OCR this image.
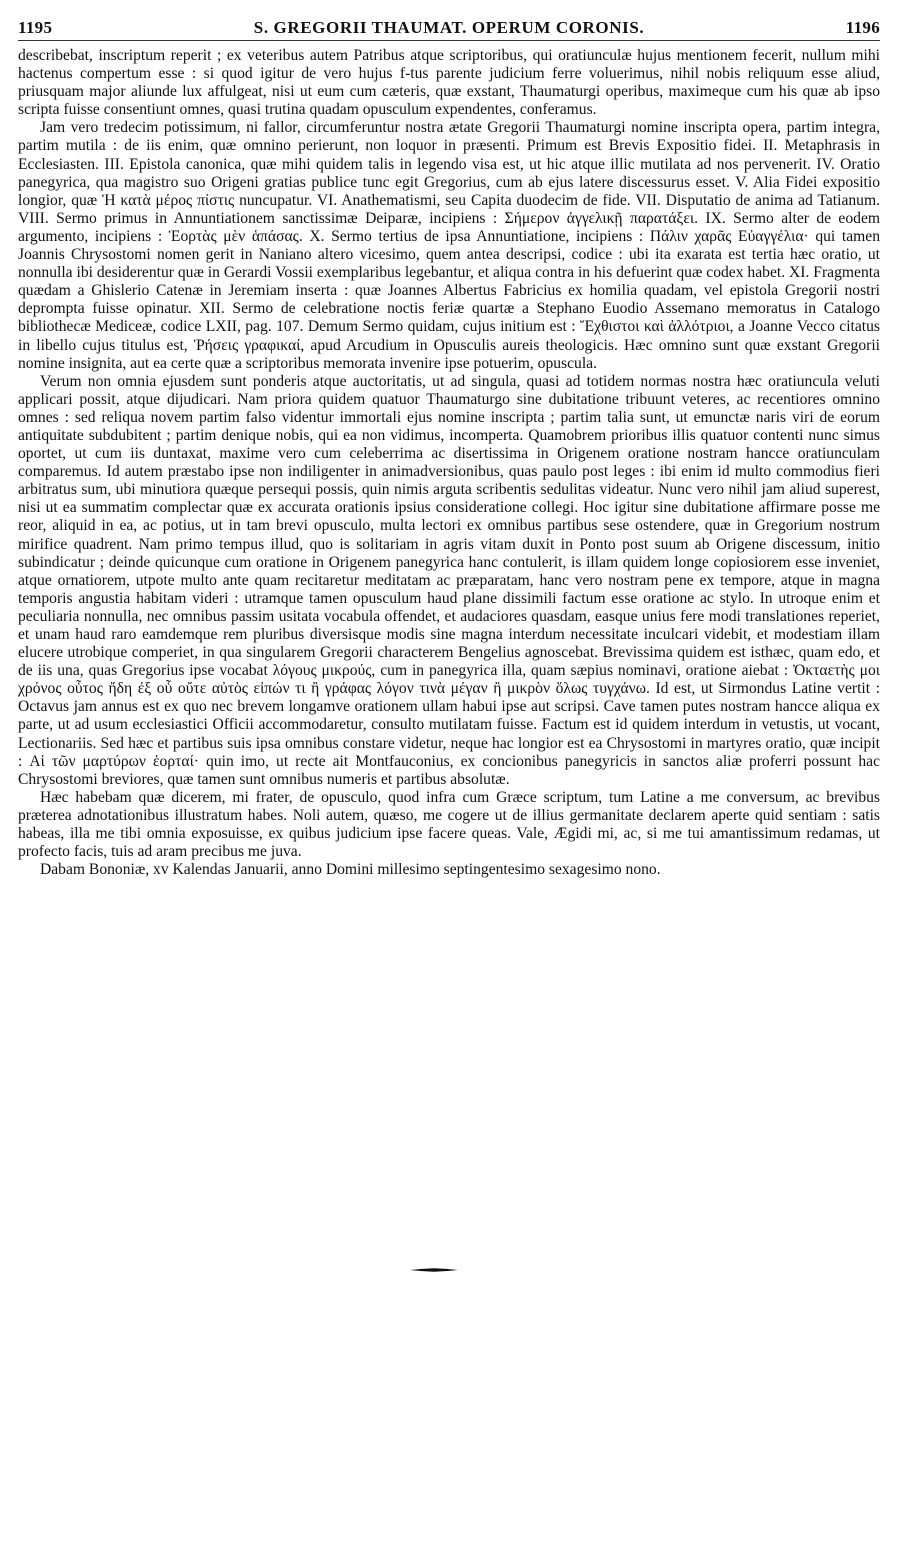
1195	S. GREGORII THAUMAT. OPERUM CORONIS.	1196

describebat, inscriptum reperit ; ex veteribus autem Patribus atque scriptoribus, qui oratiunculæ hujus mentionem fecerit, nullum mihi hactenus compertum esse : si quod igitur de vero hujus f-tus parente judicium ferre voluerimus, nihil nobis reliquum esse aliud, priusquam major aliunde lux affulgeat, nisi ut eum cum cæteris, quæ exstant, Thaumaturgi operibus, maximeque cum his quæ ab ipso scripta fuisse consentiunt omnes, quasi trutina quadam opusculum expendentes, conferamus.

Jam vero tredecim potissimum, ni fallor, circumferuntur nostra ætate Gregorii Thaumaturgi nomine inscripta opera, partim integra, partim mutila : de iis enim, quæ omnino perierunt, non loquor in præsenti. Primum est Brevis Expositio fidei. II. Metaphrasis in Ecclesiasten. III. Epistola canonica, quæ mihi quidem talis in legendo visa est, ut hic atque illic mutilata ad nos pervenerit. IV. Oratio panegyrica, qua magistro suo Origeni gratias publice tunc egit Gregorius, cum ab ejus latere discessurus esset. V. Alia Fidei expositio longior, quæ Ἡ κατὰ μέρος πίστις nuncupatur. VI. Anathematismi, seu Capita duodecim de fide. VII. Disputatio de anima ad Tatianum. VIII. Sermo primus in Annuntiationem sanctissimæ Deiparæ, incipiens : Σήμερον ἀγγελικῇ παρατάξει. IX. Sermo alter de eodem argumento, incipiens : Ἑορτὰς μὲν ἁπάσας. X. Sermo tertius de ipsa Annuntiatione, incipiens : Πάλιν χαρᾶς Εὐαγγέλια· qui tamen Joannis Chrysostomi nomen gerit in Naniano altero vicesimo, quem antea descripsi, codice : ubi ita exarata est tertia hæc oratio, ut nonnulla ibi desiderentur quæ in Gerardi Vossii exemplaribus legebantur, et aliqua contra in his defuerint quæ codex habet. XI. Fragmenta quædam a Ghislerio Catenæ in Jeremiam inserta : quæ Joannes Albertus Fabricius ex homilia quadam, vel epistola Gregorii nostri deprompta fuisse opinatur. XII. Sermo de celebratione noctis feriæ quartæ a Stephano Euodio Assemano memoratus in Catalogo bibliothecæ Mediceæ, codice LXII, pag. 107. Demum Sermo quidam, cujus initium est : Ἔχθιστοι καὶ ἀλλότριοι, a Joanne Vecco citatus in libello cujus titulus est, Ῥήσεις γραφικαί, apud Arcudium in Opusculis aureis theologicis. Hæc omnino sunt quæ exstant Gregorii nomine insignita, aut ea certe quæ a scriptoribus memorata invenire ipse potuerim, opuscula.

Verum non omnia ejusdem sunt ponderis atque auctoritatis, ut ad singula, quasi ad totidem normas nostra hæc oratiuncula veluti applicari possit, atque dijudicari. Nam priora quidem quatuor Thaumaturgo sine dubitatione tribuunt veteres, ac recentiores omnino omnes : sed reliqua novem partim falso videntur immortali ejus nomine inscripta ; partim talia sunt, ut emunctæ naris viri de eorum antiquitate subdubitent ; partim denique nobis, qui ea non vidimus, incomperta. Quamobrem prioribus illis quatuor contenti nunc simus oportet, ut cum iis duntaxat, maxime vero cum celeberrima ac disertissima in Origenem oratione nostram hancce oratiunculam comparemus. Id autem præstabo ipse non indiligenter in animadversionibus, quas paulo post leges : ibi enim id multo commodius fieri arbitratus sum, ubi minutiora quæque persequi possis, quin nimis arguta scribentis sedulitas videatur. Nunc vero nihil jam aliud superest, nisi ut ea summatim complectar quæ ex accurata orationis ipsius consideratione collegi. Hoc igitur sine dubitatione affirmare posse me reor, aliquid in ea, ac potius, ut in tam brevi opusculo, multa lectori ex omnibus partibus sese ostendere, quæ in Gregorium nostrum mirifice quadrent. Nam primo tempus illud, quo is solitariam in agris vitam duxit in Ponto post suum ab Origene discessum, initio subindicatur ; deinde quicunque cum oratione in Origenem panegyrica hanc contulerit, is illam quidem longe copiosiorem esse inveniet, atque ornatiorem, utpote multo ante quam recitaretur meditatam ac præparatam, hanc vero nostram pene ex tempore, atque in magna temporis angustia habitam videri : utramque tamen opusculum haud plane dissimili factum esse oratione ac stylo. In utroque enim et peculiaria nonnulla, nec omnibus passim usitata vocabula offendet, et audaciores quasdam, easque unius fere modi translationes reperiet, et unam haud raro eamdemque rem pluribus diversisque modis sine magna interdum necessitate inculcari videbit, et modestiam illam elucere utrobique comperiet, in qua singularem Gregorii characterem Bengelius agnoscebat. Brevissima quidem est isthæc, quam edo, et de iis una, quas Gregorius ipse vocabat λόγους μικρούς, cum in panegyrica illa, quam sæpius nominavi, oratione aiebat : Ὀκταετὴς μοι χρόνος οὗτος ἤδη ἐξ οὗ οὔτε αὐτὸς εἰπών τι ἢ γράφας λόγον τινὰ μέγαν ἢ μικρὸν ὅλως τυγχάνω. Id est, ut Sirmondus Latine vertit : Octavus jam annus est ex quo nec brevem longamve orationem ullam habui ipse aut scripsi. Cave tamen putes nostram hancce aliqua ex parte, ut ad usum ecclesiastici Officii accommodaretur, consulto mutilatam fuisse. Factum est id quidem interdum in vetustis, ut vocant, Lectionariis. Sed hæc et partibus suis ipsa omnibus constare videtur, neque hac longior est ea Chrysostomi in martyres oratio, quæ incipit : Αἱ τῶν μαρτύρων ἑορταί· quin imo, ut recte ait Montfauconius, ex concionibus panegyricis in sanctos aliæ proferri possunt hac Chrysostomi breviores, quæ tamen sunt omnibus numeris et partibus absolutæ.

Hæc habebam quæ dicerem, mi frater, de opusculo, quod infra cum Græce scriptum, tum Latine a me conversum, ac brevibus præterea adnotationibus illustratum habes. Noli autem, quæso, me cogere ut de illius germanitate declarem aperte quid sentiam : satis habeas, illa me tibi omnia exposuisse, ex quibus judicium ipse facere queas. Vale, Ægidi mi, ac, si me tui amantissimum redamas, ut profecto facis, tuis ad aram precibus me juva.

Dabam Bononiæ, xv Kalendas Januarii, anno Domini millesimo septingentesimo sexagesimo nono.
